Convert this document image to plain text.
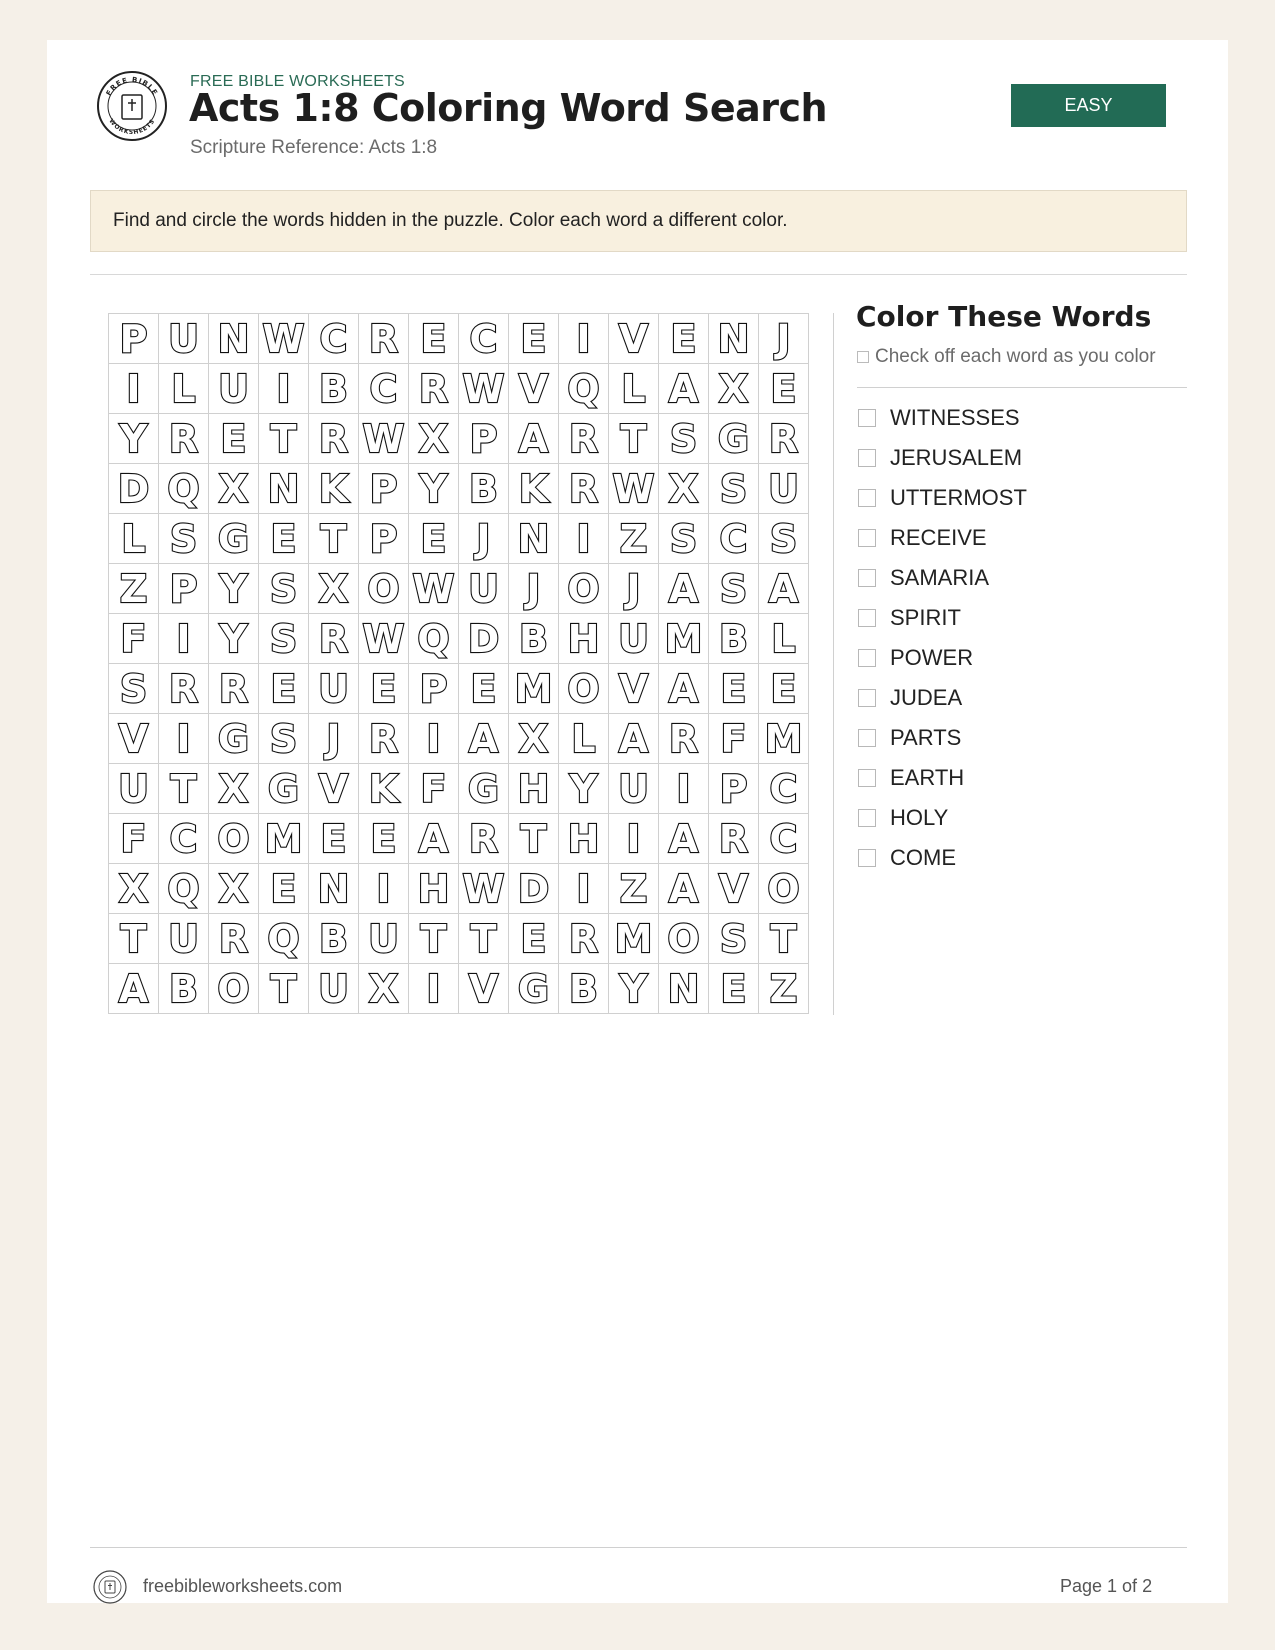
FREE BIBLE
WORKSHEETS
FREE BIBLE WORKSHEETS
Acts 1:8 Coloring Word Search
Scripture Reference: Acts 1:8
EASY
Find and circle the words hidden in the puzzle. Color each word a different color.
P U N W C R E C E I V E N J
I L U I B C R W V Q L A X E
Y R E T R W X P A R T S G R
D Q X N K P Y B K R W X S U
L S G E T P E J N I Z S C S
Z P Y S X O W U J O J A S A
F I Y S R W Q D B H U M B L
S R R E U E P E M O V A E E
V I G S J R I A X L A R F M
U T X G V K F G H Y U I P C
F C O M E E A R T H I A R C
X Q X E N I H W D I Z A V O
T U R Q B U T T E R M O S T
A B O T U X I V G B Y N E Z
Color These Words
Check off each word as you color
WITNESSES
JERUSALEM
UTTERMOST
RECEIVE
SAMARIA
SPIRIT
POWER
JUDEA
PARTS
EARTH
HOLY
COME
freebibleworksheets.com	Page 1 of 2
